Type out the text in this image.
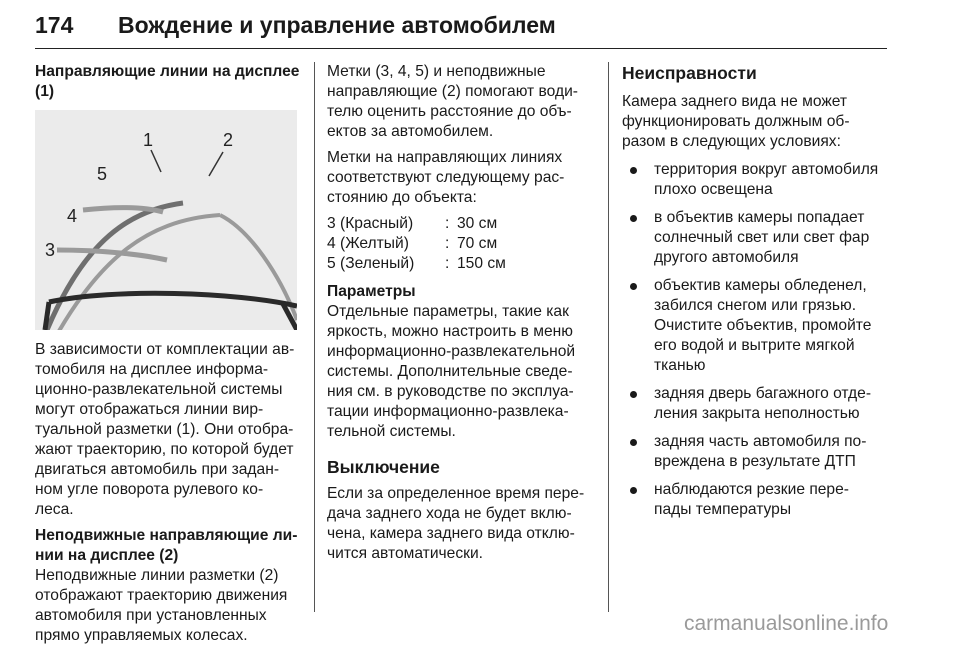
174 Вождение и управление автомобилем
Направляющие линии на дисплее
(1)
1	2
3
4
5
В зависимости от комплектации ав-
томобиля на дисплее информа-
ционно-развлекательной системы
могут отображаться линии вир-
туальной разметки (1). Они отобра-
жают траекторию, по которой будет
двигаться автомобиль при задан-
ном угле поворота рулевого ко-
леса.
Неподвижные направляющие ли-
нии на дисплее (2)
Неподвижные линии разметки (2)
отображают траекторию движения
автомобиля при установленных
прямо управляемых колесах.
Метки (3, 4, 5) и неподвижные
направляющие (2) помогают води-
телю оценить расстояние до объ-
ектов за автомобилем.
Метки на направляющих линиях
соответствуют следующему рас-
стоянию до объекта:
3 (Красный)	: 30 см
4 (Желтый)	: 70 см
5 (Зеленый)	: 150 см
Параметры
Отдельные параметры, такие как
яркость, можно настроить в меню
информационно-развлекательной
системы. Дополнительные сведе-
ния см. в руководстве по эксплуа-
тации информационно-развлека-
тельной системы.
Выключение
Если за определенное время пере-
дача заднего хода не будет вклю-
чена, камера заднего вида отклю-
чится автоматически.
Неисправности
Камера заднего вида не может
функционировать должным об-
разом в следующих условиях:
территория вокруг автомобиля
плохо освещена
в объектив камеры попадает
солнечный свет или свет фар
другого автомобиля
объектив камеры обледенел,
забился снегом или грязью.
Очистите объектив, промойте
его водой и вытрите мягкой
тканью
задняя дверь багажного отде-
ления закрыта неполностью
задняя часть автомобиля по-
вреждена в результате ДТП
наблюдаются резкие пере-
пады температуры
carmanualsonline.info
